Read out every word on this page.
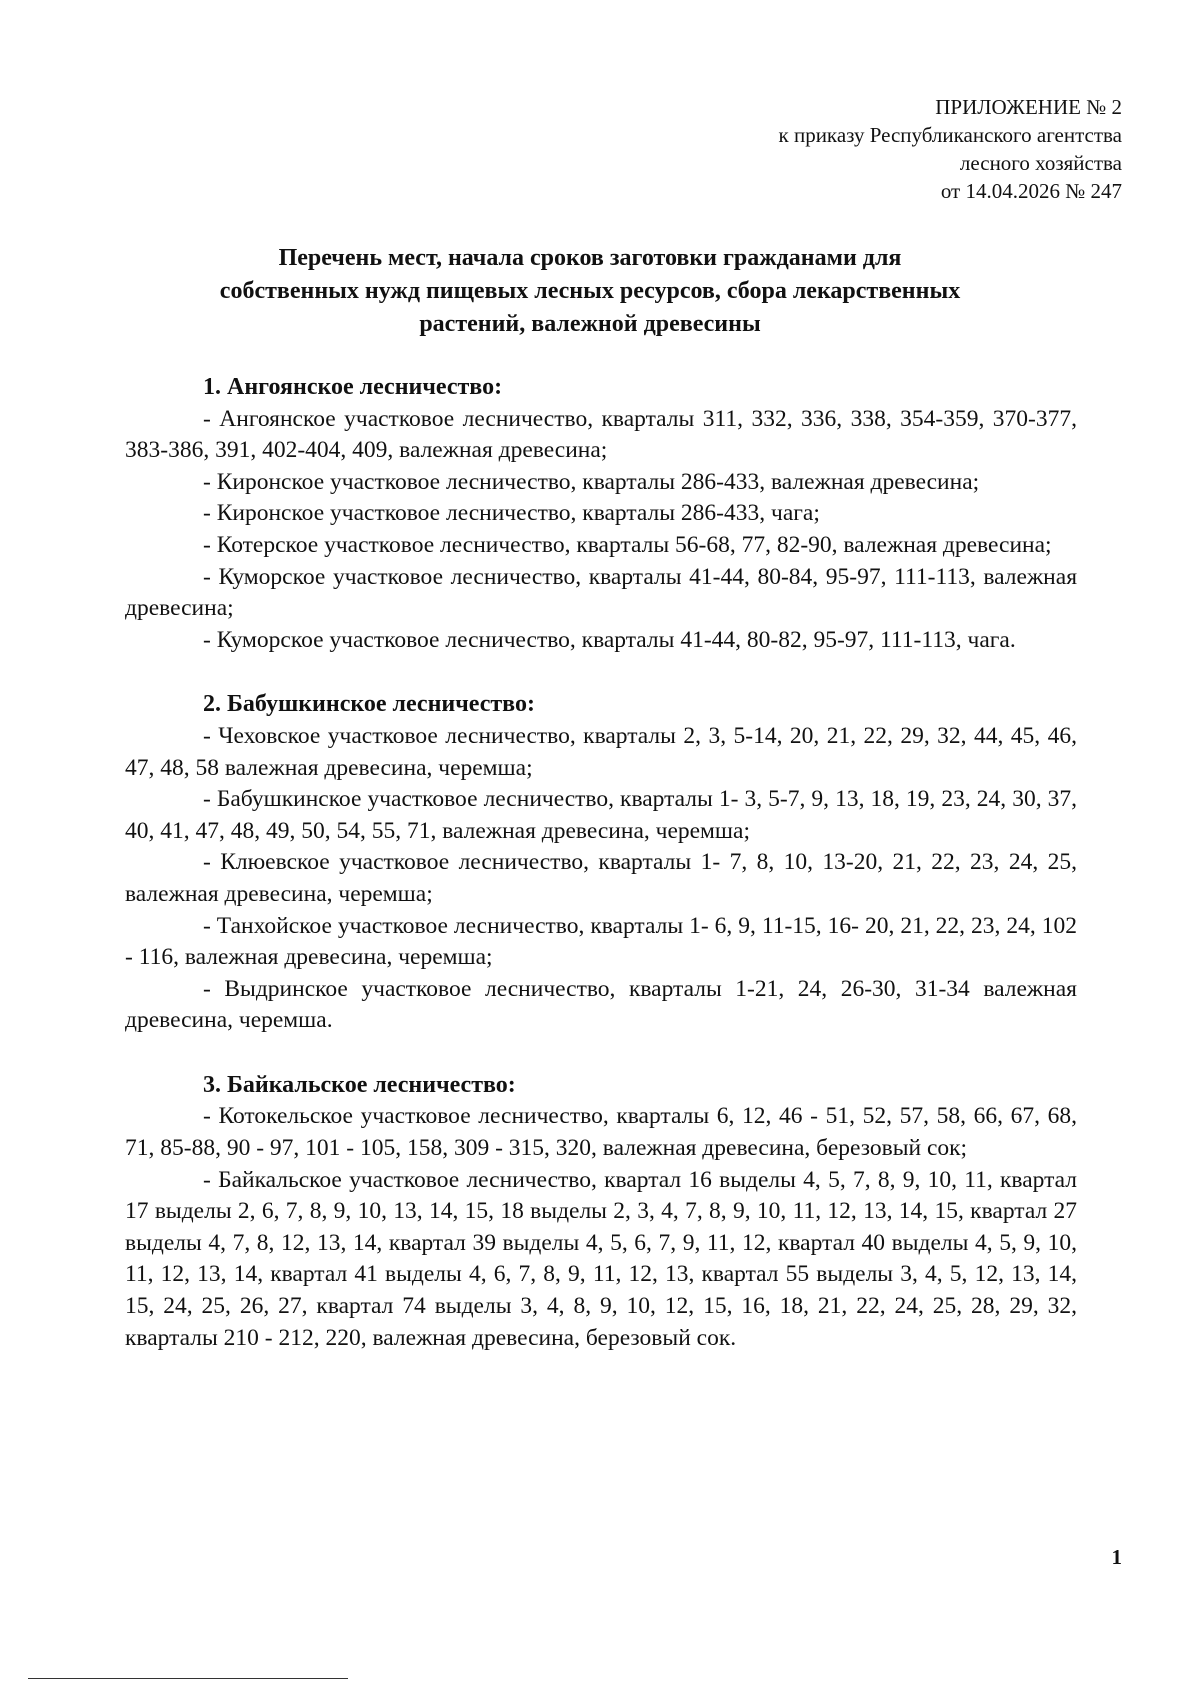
ПРИЛОЖЕНИЕ № 2
к приказу Республиканского агентства
лесного хозяйства
от 14.04.2026 № 247
Перечень мест, начала сроков заготовки гражданами для
собственных нужд пищевых лесных ресурсов, сбора лекарственных
растений, валежной древесины
1. Ангоянское лесничество:

- Ангоянское участковое лесничество, кварталы 311, 332, 336, 338, 354-359, 370-377, 383-386, 391, 402-404, 409, валежная древесина;

- Киронское участковое лесничество, кварталы 286-433, валежная древесина;

- Киронское участковое лесничество, кварталы 286-433, чага;

- Котерское участковое лесничество, кварталы 56-68, 77, 82-90, валежная древесина;

- Куморское участковое лесничество, кварталы 41-44, 80-84, 95-97, 111-113, валежная древесина;

- Куморское участковое лесничество, кварталы 41-44, 80-82, 95-97, 111-113, чага.

2. Бабушкинское лесничество:

- Чеховское участковое лесничество, кварталы 2, 3, 5-14, 20, 21, 22, 29, 32, 44, 45, 46, 47, 48, 58 валежная древесина, черемша;

- Бабушкинское участковое лесничество, кварталы 1- 3, 5-7, 9, 13, 18, 19, 23, 24, 30, 37, 40, 41, 47, 48, 49, 50, 54, 55, 71, валежная древесина, черемша;

- Клюевское участковое лесничество, кварталы 1- 7, 8, 10, 13-20, 21, 22, 23, 24, 25, валежная древесина, черемша;

- Танхойское участковое лесничество, кварталы 1- 6, 9, 11-15, 16- 20, 21, 22, 23, 24, 102 - 116, валежная древесина, черемша;

- Выдринское участковое лесничество, кварталы 1-21, 24, 26-30, 31-34 валежная древесина, черемша.

3. Байкальское лесничество:

- Котокельское участковое лесничество, кварталы 6, 12, 46 - 51, 52, 57, 58, 66, 67, 68, 71, 85-88, 90 - 97, 101 - 105, 158, 309 - 315, 320, валежная древесина, березовый сок;

- Байкальское участковое лесничество, квартал 16 выделы 4, 5, 7, 8, 9, 10, 11, квартал 17 выделы 2, 6, 7, 8, 9, 10, 13, 14, 15, 18 выделы 2, 3, 4, 7, 8, 9, 10, 11, 12, 13, 14, 15, квартал 27 выделы 4, 7, 8, 12, 13, 14, квартал 39 выделы 4, 5, 6, 7, 9, 11, 12, квартал 40 выделы 4, 5, 9, 10, 11, 12, 13, 14, квартал 41 выделы 4, 6, 7, 8, 9, 11, 12, 13, квартал 55 выделы 3, 4, 5, 12, 13, 14, 15, 24, 25, 26, 27, квартал 74 выделы 3, 4, 8, 9, 10, 12, 15, 16, 18, 21, 22, 24, 25, 28, 29, 32, кварталы 210 - 212, 220, валежная древесина, березовый сок.

1
